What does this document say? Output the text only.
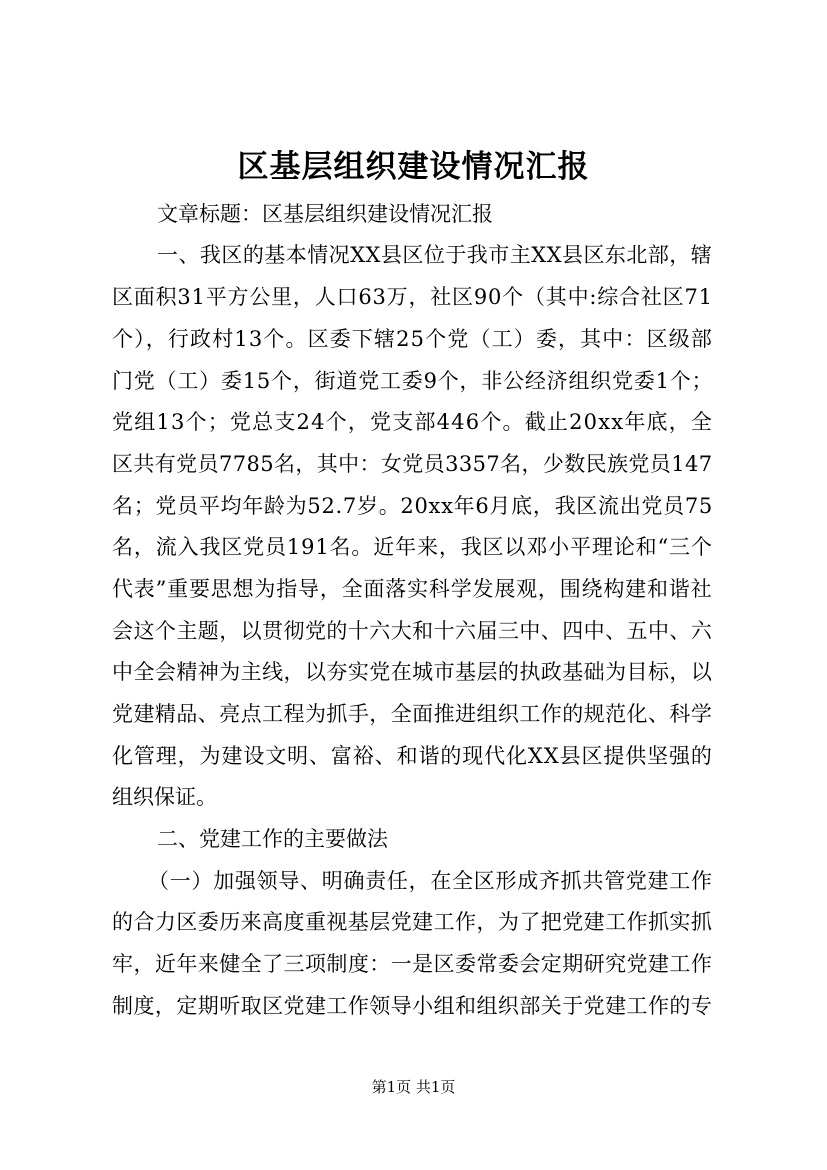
区基层组织建设情况汇报

文章标题：区基层组织建设情况汇报

一、我区的基本情况XX县区位于我市主XX县区东北部，辖

区面积31平方公里，人口63万，社区90个（其中:综合社区71

个），行政村13个。区委下辖25个党（工）委，其中：区级部

门党（工）委15个，街道党工委9个，非公经济组织党委1个；

党组13个；党总支24个，党支部446个。截止20xx年底，全

区共有党员7785名，其中：女党员3357名，少数民族党员147

名；党员平均年龄为52.7岁。20xx年6月底，我区流出党员75

名，流入我区党员191名。近年来，我区以邓小平理论和“三个

代表”重要思想为指导，全面落实科学发展观，围绕构建和谐社

会这个主题，以贯彻党的十六大和十六届三中、四中、五中、六

中全会精神为主线，以夯实党在城市基层的执政基础为目标，以

党建精品、亮点工程为抓手，全面推进组织工作的规范化、科学

化管理，为建设文明、富裕、和谐的现代化XX县区提供坚强的

组织保证。

二、党建工作的主要做法

（一）加强领导、明确责任，在全区形成齐抓共管党建工作

的合力区委历来高度重视基层党建工作，为了把党建工作抓实抓

牢，近年来健全了三项制度：一是区委常委会定期研究党建工作

制度，定期听取区党建工作领导小组和组织部关于党建工作的专

第1页 共1页
